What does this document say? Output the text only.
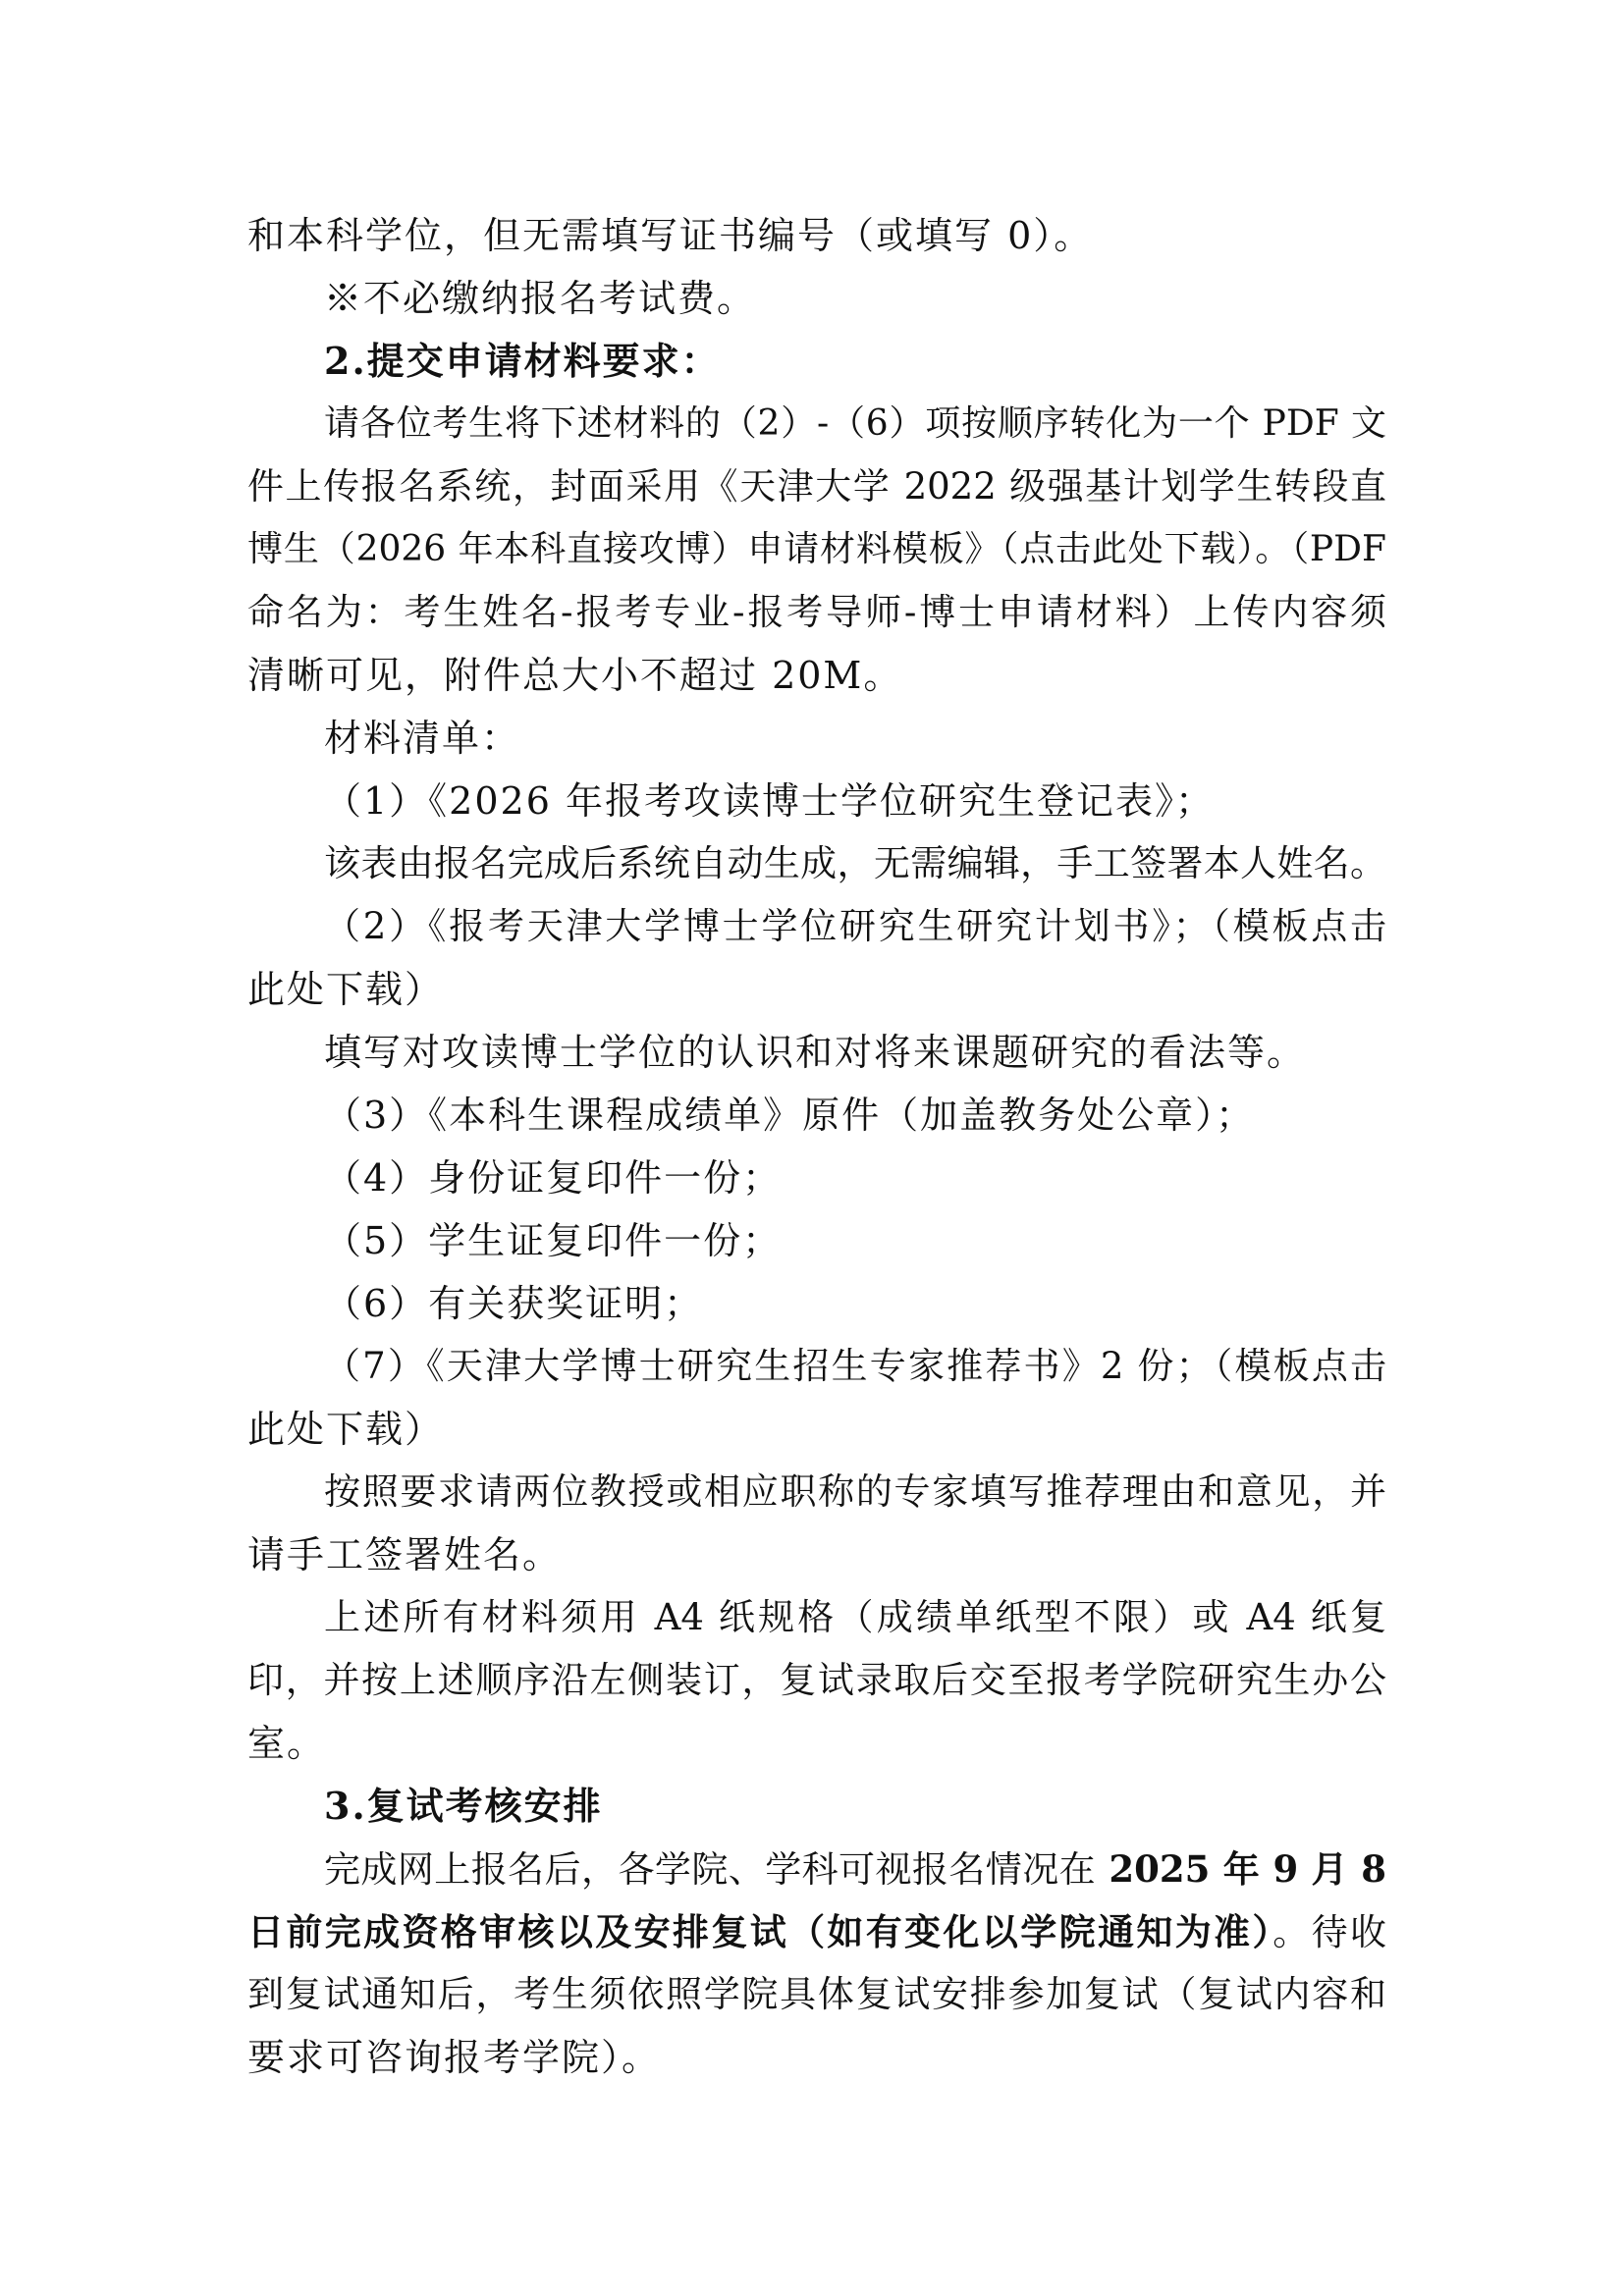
和本科学位，但无需填写证书编号（或填写 0）。
※不必缴纳报名考试费。
2.提交申请材料要求：
请各位考生将下述材料的（2）-（6）项按顺序转化为一个 PDF 文
件上传报名系统，封面采用《天津大学 2022 级强基计划学生转段直
博生（2026 年本科直接攻博）申请材料模板》（点击此处下载）。（PDF
命名为：考生姓名-报考专业-报考导师-博士申请材料）上传内容须
清晰可见，附件总大小不超过 20M。
材料清单：
（1）《2026 年报考攻读博士学位研究生登记表》；
该表由报名完成后系统自动生成，无需编辑，手工签署本人姓名。
（2）《报考天津大学博士学位研究生研究计划书》；（模板点击
此处下载）
填写对攻读博士学位的认识和对将来课题研究的看法等。
（3）《本科生课程成绩单》原件（加盖教务处公章）；
（4）身份证复印件一份；
（5）学生证复印件一份；
（6）有关获奖证明；
（7）《天津大学博士研究生招生专家推荐书》2 份；（模板点击
此处下载）
按照要求请两位教授或相应职称的专家填写推荐理由和意见，并
请手工签署姓名。
上述所有材料须用 A4 纸规格（成绩单纸型不限）或 A4 纸复
印，并按上述顺序沿左侧装订，复试录取后交至报考学院研究生办公
室。
3.复试考核安排
完成网上报名后，各学院、学科可视报名情况在 2025 年 9 月 8
日前完成资格审核以及安排复试（如有变化以学院通知为准）。待收
到复试通知后，考生须依照学院具体复试安排参加复试（复试内容和
要求可咨询报考学院）。
